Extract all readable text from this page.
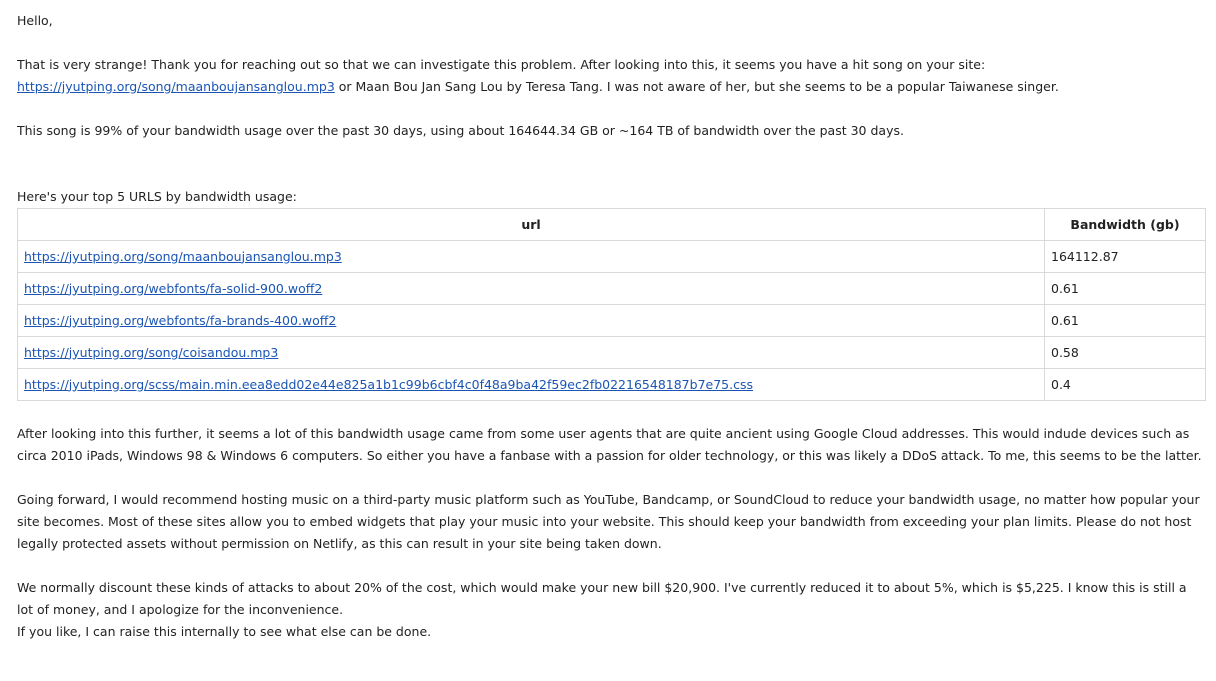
Hello,

That is very strange! Thank you for reaching out so that we can investigate this problem. After looking into this, it seems you have a hit song on your site: https://jyutping.org/song/maanboujansanglou.mp3 or Maan Bou Jan Sang Lou by Teresa Tang. I was not aware of her, but she seems to be a popular Taiwanese singer.

This song is 99% of your bandwidth usage over the past 30 days, using about 164644.34 GB or ~164 TB of bandwidth over the past 30 days.

Here's your top 5 URLS by bandwidth usage:

url	Bandwidth (gb)
https://jyutping.org/song/maanboujansanglou.mp3	164112.87
https://jyutping.org/webfonts/fa-solid-900.woff2	0.61
https://jyutping.org/webfonts/fa-brands-400.woff2	0.61
https://jyutping.org/song/coisandou.mp3	0.58
https://jyutping.org/scss/main.min.eea8edd02e44e825a1b1c99b6cbf4c0f48a9ba42f59ec2fb02216548187b7e75.css	0.4

After looking into this further, it seems a lot of this bandwidth usage came from some user agents that are quite ancient using Google Cloud addresses. This would indude devices such as circa 2010 iPads, Windows 98 & Windows 6 computers. So either you have a fanbase with a passion for older technology, or this was likely a DDoS attack. To me, this seems to be the latter.

Going forward, I would recommend hosting music on a third-party music platform such as YouTube, Bandcamp, or SoundCloud to reduce your bandwidth usage, no matter how popular your site becomes. Most of these sites allow you to embed widgets that play your music into your website. This should keep your bandwidth from exceeding your plan limits. Please do not host legally protected assets without permission on Netlify, as this can result in your site being taken down.

We normally discount these kinds of attacks to about 20% of the cost, which would make your new bill $20,900. I've currently reduced it to about 5%, which is $5,225. I know this is still a lot of money, and I apologize for the inconvenience.

If you like, I can raise this internally to see what else can be done.
